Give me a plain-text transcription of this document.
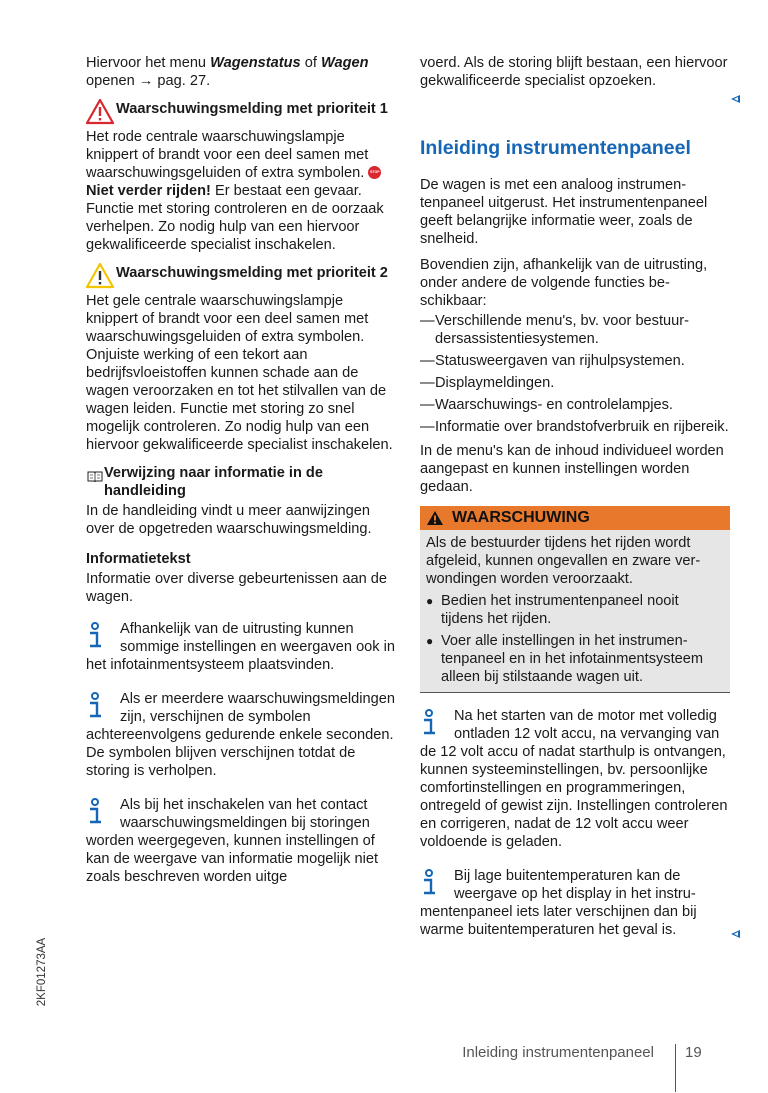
Hiervoor het menu Wagenstatus of Wagen openen → pag. 27.

Waarschuwingsmelding met prioriteit 1

Het rode centrale waarschuwingslampje knippert of brandt voor een deel samen met waarschuwingsgeluiden of extra symbolen. STOP Niet verder rijden! Er bestaat een gevaar. Functie met storing controleren en de oorzaak verhelpen. Zo nodig hulp van een hiervoor gekwalificeerde specialist inschakelen.

Waarschuwingsmelding met prioriteit 2

Het gele centrale waarschuwingslampje knippert of brandt voor een deel samen met waarschuwingsgeluiden of extra symbolen. Onjuiste werking of een tekort aan bedrijfsvloeistoffen kunnen schade aan de wagen veroorzaken en tot het stilvallen van de wagen leiden. Functie met storing zo snel mogelijk controleren. Zo nodig hulp van een hiervoor gekwalificeerde specialist inschakelen.

Verwijzing naar informatie in de handleiding

In de handleiding vindt u meer aanwijzingen over de opgetreden waarschuwingsmelding.

Informatietekst

Informatie over diverse gebeurtenissen aan de wagen.

Afhankelijk van de uitrusting kunnen sommige instellingen en weergaven ook in het infotainmentsysteem plaatsvinden.
Als er meerdere waarschuwingsmeldingen zijn, verschijnen de symbolen achtereenvolgens gedurende enkele seconden. De symbolen blijven verschijnen totdat de storing is verholpen.
Als bij het inschakelen van het contact waarschuwingsmeldingen bij storingen worden weergegeven, kunnen instellingen of kan de weergave van informatie mogelijk niet zoals beschreven worden uitge

voerd. Als de storing blijft bestaan, een hiervoor gekwalificeerde specialist opzoeken.

Inleiding instrumentenpaneel

De wagen is met een analoog instrumentenpaneel uitgerust. Het instrumentenpaneel geeft belangrijke informatie weer, zoals de snelheid.

Bovendien zijn, afhankelijk van de uitrusting, onder andere de volgende functies beschikbaar:

— Verschillende menu's, bv. voor bestuurdersassistentiesystemen.
— Statusweergaven van rijhulpsystemen.
— Displaymeldingen.
— Waarschuwings- en controlelampjes.
— Informatie over brandstofverbruik en rijbereik.

In de menu's kan de inhoud individueel worden aangepast en kunnen instellingen worden gedaan.

WAARSCHUWING

Als de bestuurder tijdens het rijden wordt afgeleid, kunnen ongevallen en zware verwondingen worden veroorzaakt.

● Bedien het instrumentenpaneel nooit tijdens het rijden.
● Voer alle instellingen in het instrumentenpaneel en in het infotainmentsysteem alleen bij stilstaande wagen uit.
Na het starten van de motor met volledig ontladen 12 volt accu, na vervanging van de 12 volt accu of nadat starthulp is ontvangen, kunnen systeeminstellingen, bv. persoonlijke comfortinstellingen en programmeringen, ontregeld of gewist zijn. Instellingen controleren en corrigeren, nadat de 12 volt accu weer voldoende is geladen.
Bij lage buitentemperaturen kan de weergave op het display in het instrumentenpaneel iets later verschijnen dan bij warme buitentemperaturen het geval is.
2KF01273AA
Inleiding instrumentenpaneel 19
